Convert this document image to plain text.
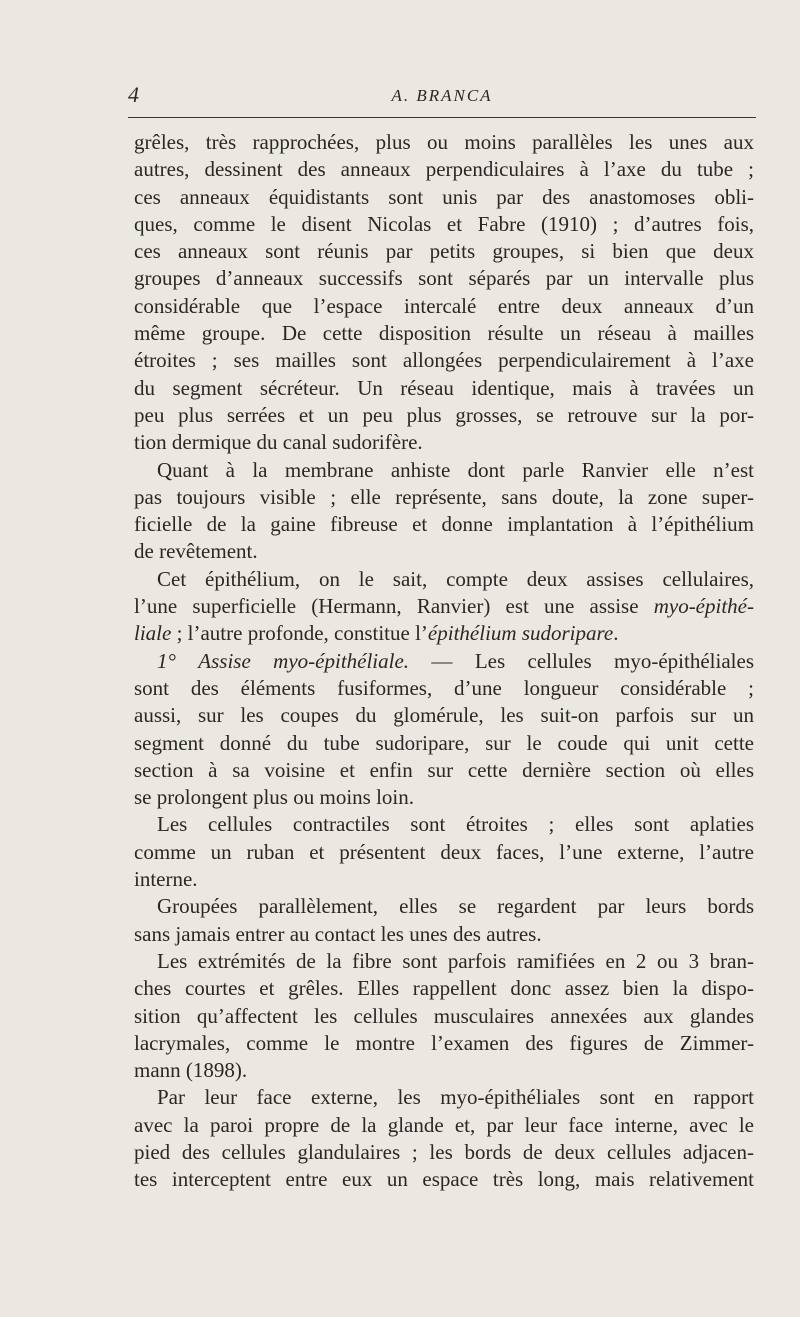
4	A. BRANCA

grêles, très rapprochées, plus ou moins parallèles les unes aux
autres, dessinent des anneaux perpendiculaires à l’axe du tube ;
ces anneaux équidistants sont unis par des anastomoses obli-
ques, comme le disent Nicolas et Fabre (1910) ; d’autres fois,
ces anneaux sont réunis par petits groupes, si bien que deux
groupes d’anneaux successifs sont séparés par un intervalle plus
considérable que l’espace intercalé entre deux anneaux d’un
même groupe. De cette disposition résulte un réseau à mailles
étroites ; ses mailles sont allongées perpendiculairement à l’axe
du segment sécréteur. Un réseau identique, mais à travées un
peu plus serrées et un peu plus grosses, se retrouve sur la por-
tion dermique du canal sudorifère.

Quant à la membrane anhiste dont parle Ranvier elle n’est
pas toujours visible ; elle représente, sans doute, la zone super-
ficielle de la gaine fibreuse et donne implantation à l’épithélium
de revêtement.

Cet épithélium, on le sait, compte deux assises cellulaires,
l’une superficielle (Hermann, Ranvier) est une assise myo-épithé-
liale ; l’autre profonde, constitue l’épithélium sudoripare.

1° Assise myo-épithéliale. — Les cellules myo-épithéliales
sont des éléments fusiformes, d’une longueur considérable ;
aussi, sur les coupes du glomérule, les suit-on parfois sur un
segment donné du tube sudoripare, sur le coude qui unit cette
section à sa voisine et enfin sur cette dernière section où elles
se prolongent plus ou moins loin.

Les cellules contractiles sont étroites ; elles sont aplaties
comme un ruban et présentent deux faces, l’une externe, l’autre
interne.

Groupées parallèlement, elles se regardent par leurs bords
sans jamais entrer au contact les unes des autres.

Les extrémités de la fibre sont parfois ramifiées en 2 ou 3 bran-
ches courtes et grêles. Elles rappellent donc assez bien la dispo-
sition qu’affectent les cellules musculaires annexées aux glandes
lacrymales, comme le montre l’examen des figures de Zimmer-
mann (1898).

Par leur face externe, les myo-épithéliales sont en rapport
avec la paroi propre de la glande et, par leur face interne, avec le
pied des cellules glandulaires ; les bords de deux cellules adjacen-
tes interceptent entre eux un espace très long, mais relativement
